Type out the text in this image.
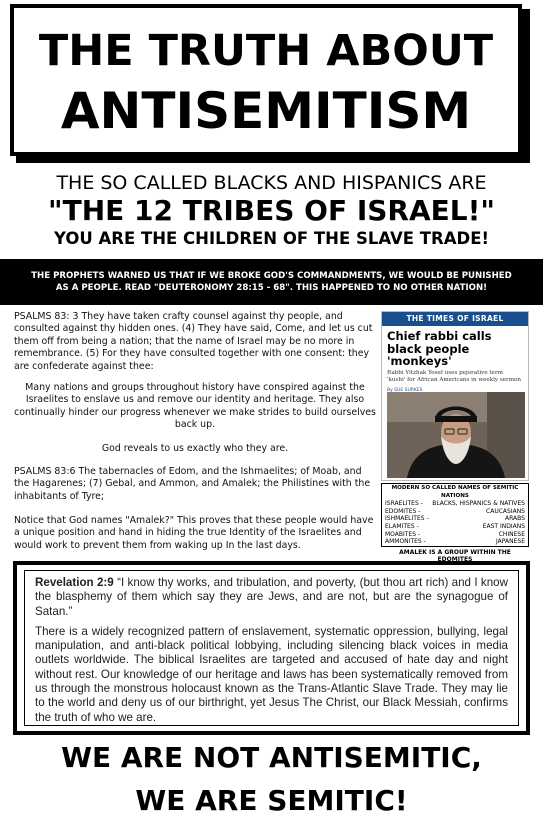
THE TRUTH ABOUT
ANTISEMITISM
THE SO CALLED BLACKS AND HISPANICS ARE
"THE 12 TRIBES OF ISRAEL!"
YOU ARE THE CHILDREN OF THE SLAVE TRADE!
THE PROPHETS WARNED US THAT IF WE BROKE GOD'S COMMANDMENTS, WE WOULD BE PUNISHED
AS A PEOPLE. READ "DEUTERONOMY 28:15 - 68". THIS HAPPENED TO NO OTHER NATION!
PSALMS 83: 3 They have taken crafty counsel against thy people, and consulted against thy hidden ones. (4) They have said, Come, and let us cut them off from being a nation; that the name of Israel may be no more in remembrance. (5) For they have consulted together with one consent: they are confederate against thee:
Many nations and groups throughout history have conspired against the Israelites to enslave us and remove our identity and heritage. They also continually hinder our progress whenever we make strides to build ourselves back up.
God reveals to us exactly who they are.
PSALMS 83:6 The tabernacles of Edom, and the Ishmaelites; of Moab, and the Hagarenes; (7) Gebal, and Ammon, and Amalek; the Philistines with the inhabitants of Tyre;
Notice that God names "Amalek?" This proves that these people would have a unique position and hand in hiding the true Identity of the Israelites and would work to prevent them from waking up In the last days.
THE TIMES OF ISRAEL
Chief rabbi calls black people 'monkeys'
Rabbi Yitzhak Yosef uses pejorative term 'kushi' for African Americans in weekly sermon
By SUE SURKES
MODERN SO CALLED NAMES OF SEMITIC NATIONS
ISRAELITES - BLACKS, HISPANICS & NATIVES
EDOMITES -	CAUCASIANS
ISHMAELITES -	ARABS
ELAMITES -	EAST INDIANS
MOABITES -	CHINESE
AMMONITES -	JAPANESE
AMALEK IS A GROUP WITHIN THE EDOMITES

Revelation 2:9 “I know thy works, and tribulation, and poverty, (but thou art rich) and I know the blasphemy of them which say they are Jews, and are not, but are the synagogue of Satan.”

There is a widely recognized pattern of enslavement, systematic oppression, bullying, legal manipulation, and anti-black political lobbying, including silencing black voices in media outlets worldwide. The biblical Israelites are targeted and accused of hate day and night without rest. Our knowledge of our heritage and laws has been systematically removed from us through the monstrous holocaust known as the Trans-Atlantic Slave Trade. They may lie to the world and deny us of our birthright, yet Jesus The Christ, our Black Messiah, confirms the truth of who we are.

WE ARE NOT ANTISEMITIC,
WE ARE SEMITIC!
